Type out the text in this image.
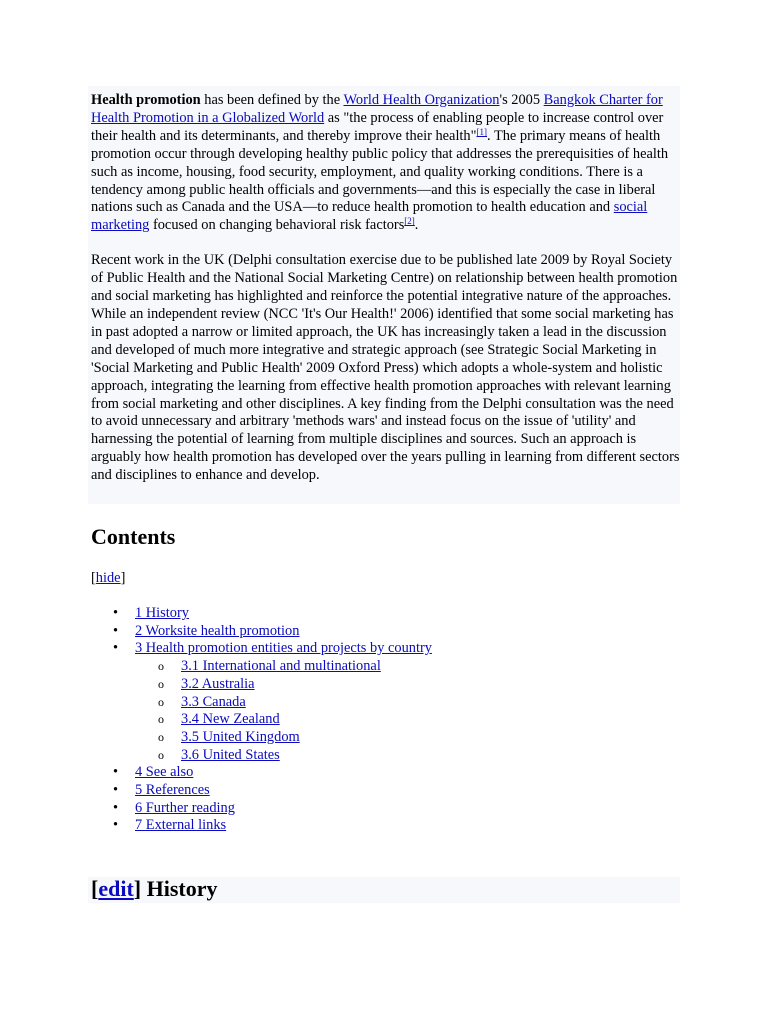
Health promotion has been defined by the World Health Organization's 2005 Bangkok Charter for Health Promotion in a Globalized World as "the process of enabling people to increase control over their health and its determinants, and thereby improve their health"[1]. The primary means of health promotion occur through developing healthy public policy that addresses the prerequisities of health such as income, housing, food security, employment, and quality working conditions. There is a tendency among public health officials and governments—and this is especially the case in liberal nations such as Canada and the USA—to reduce health promotion to health education and social marketing focused on changing behavioral risk factors[2].

Recent work in the UK (Delphi consultation exercise due to be published late 2009 by Royal Society of Public Health and the National Social Marketing Centre) on relationship between health promotion and social marketing has highlighted and reinforce the potential integrative nature of the approaches. While an independent review (NCC 'It's Our Health!' 2006) identified that some social marketing has in past adopted a narrow or limited approach, the UK has increasingly taken a lead in the discussion and developed of much more integrative and strategic approach (see Strategic Social Marketing in 'Social Marketing and Public Health' 2009 Oxford Press) which adopts a whole-system and holistic approach, integrating the learning from effective health promotion approaches with relevant learning from social marketing and other disciplines. A key finding from the Delphi consultation was the need to avoid unnecessary and arbitrary 'methods wars' and instead focus on the issue of 'utility' and harnessing the potential of learning from multiple disciplines and sources. Such an approach is arguably how health promotion has developed over the years pulling in learning from different sectors and disciplines to enhance and develop.

Contents
[hide]
• 1 History
• 2 Worksite health promotion
• 3 Health promotion entities and projects by country
o 3.1 International and multinational
o 3.2 Australia
o 3.3 Canada
o 3.4 New Zealand
o 3.5 United Kingdom
o 3.6 United States
• 4 See also
• 5 References
• 6 Further reading
• 7 External links
[edit] History
